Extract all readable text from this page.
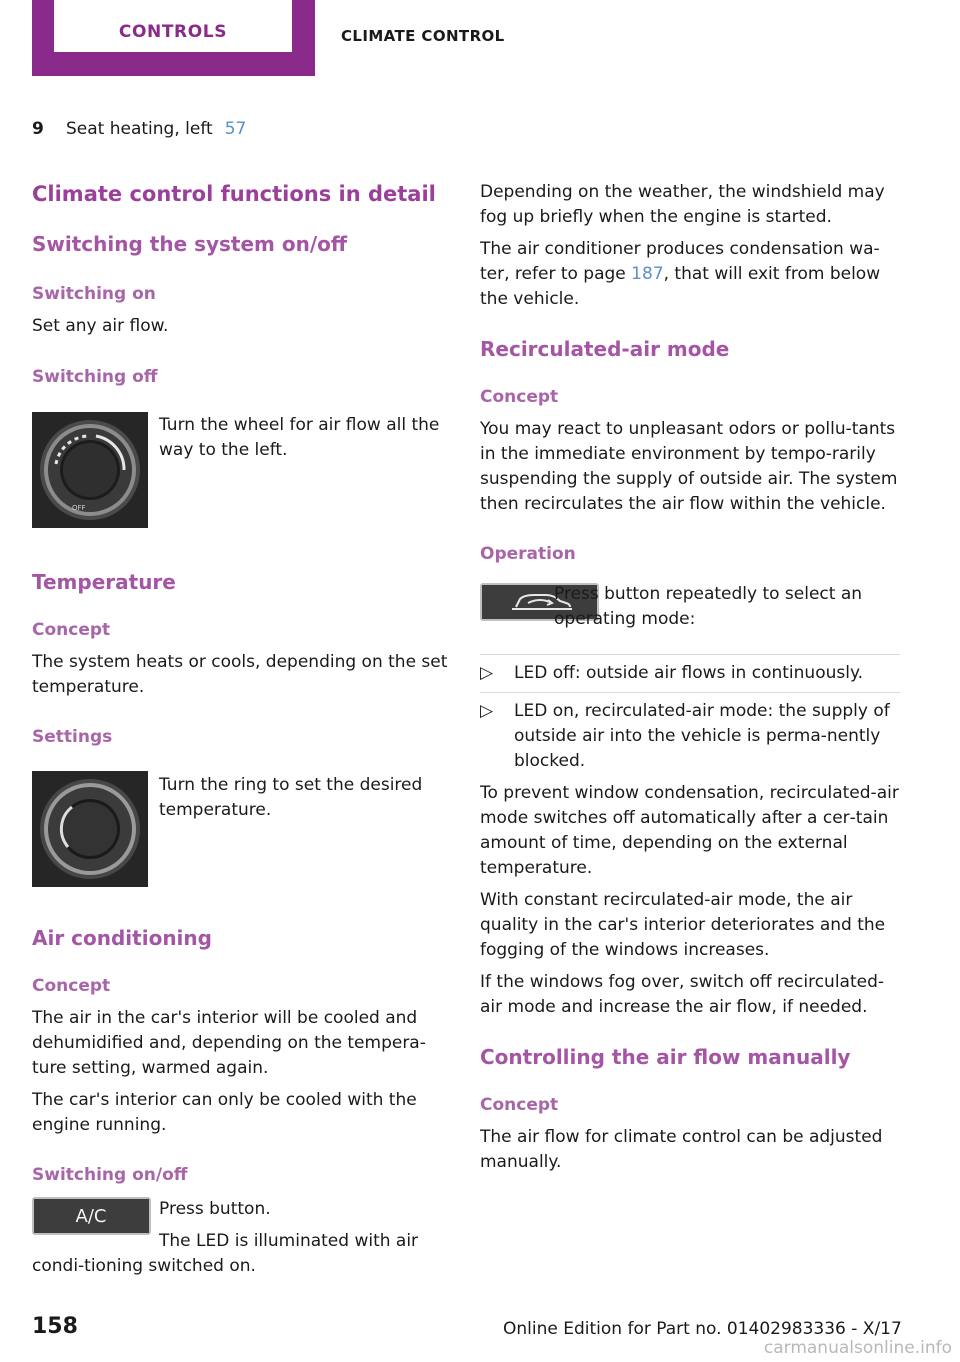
CONTROLS	CLIMATE CONTROL
9 Seat heating, left 57
Climate control functions in detail
Switching the system on/off
Switching on

Set any air flow.

Switching off
OFF
Turn the wheel for air flow all the way to the left.
Temperature
Concept

The system heats or cools, depending on the set temperature.

Settings
Turn the ring to set the desired temperature.
Air conditioning
Concept

The air in the car's interior will be cooled and dehumidified and, depending on the tempera‐ture setting, warmed again.

The car's interior can only be cooled with the engine running.

Switching on/off
A/C	Press button.

The LED is illuminated with air condi‐tioning switched on.

Depending on the weather, the windshield may fog up briefly when the engine is started.

The air conditioner produces condensation wa‐ter, refer to page 187, that will exit from below the vehicle.

Recirculated-air mode
Concept

You may react to unpleasant odors or pollu‐tants in the immediate environment by tempo‐rarily suspending the supply of outside air. The system then recirculates the air flow within the vehicle.

Operation
Press button repeatedly to select an operating mode:
▷ LED off: outside air flows in continuously.
▷ LED on, recirculated-air mode: the supply of outside air into the vehicle is perma‐nently blocked.

To prevent window condensation, recirculated-air mode switches off automatically after a cer‐tain amount of time, depending on the external temperature.

With constant recirculated-air mode, the air quality in the car's interior deteriorates and the fogging of the windows increases.

If the windows fog over, switch off recirculated-air mode and increase the air flow, if needed.

Controlling the air flow manually
Concept

The air flow for climate control can be adjusted manually.

158	Online Edition for Part no. 01402983336 - X/17
carmanualsonline.info
